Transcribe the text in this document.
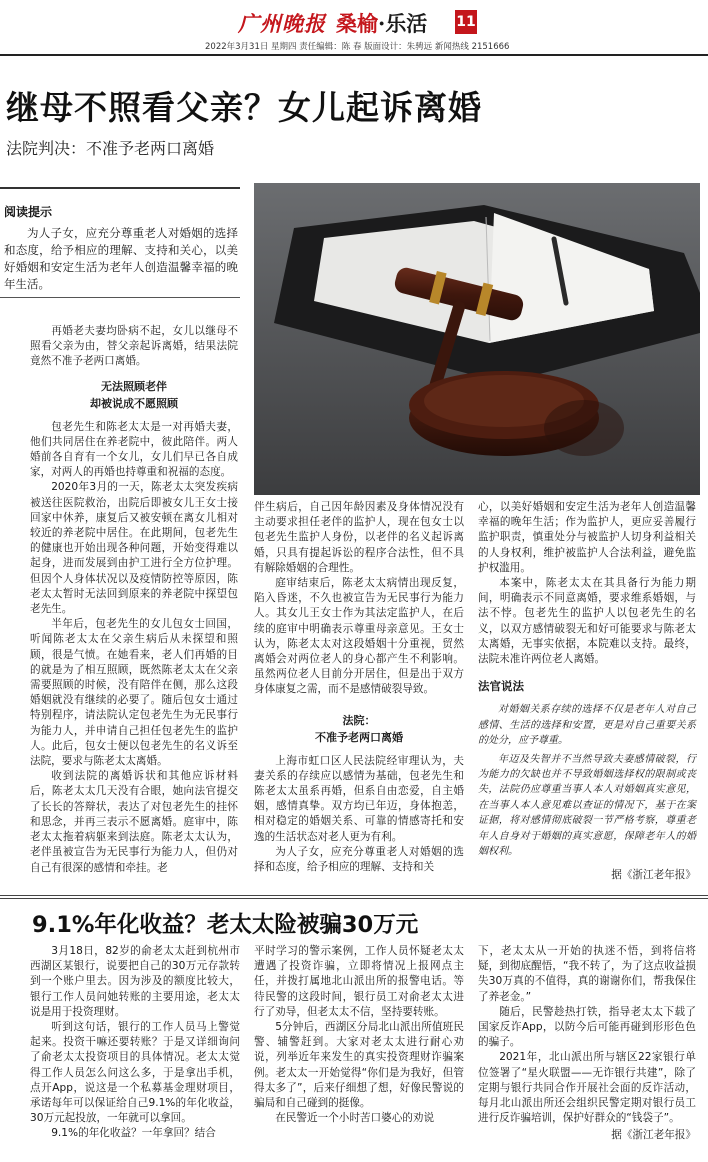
广州晚报 桑榆·乐活 11
2022年3月31日 星期四 责任编辑：陈 春 版面设计：朱骋远 新闻热线 2151666
继母不照看父亲？女儿起诉离婚
法院判决：不准予老两口离婚
阅读提示
为人子女，应充分尊重老人对婚姻的选择和态度，给予相应的理解、支持和关心，以美好婚姻和安定生活为老年人创造温馨幸福的晚年生活。

再婚老夫妻均卧病不起，女儿以继母不照看父亲为由，替父亲起诉离婚，结果法院竟然不准予老两口离婚。

无法照顾老伴
却被说成不愿照顾

包老先生和陈老太太是一对再婚夫妻，他们共同居住在养老院中，彼此陪伴。两人婚前各自育有一个女儿，女儿们早已各自成家，对两人的再婚也持尊重和祝福的态度。

2020年3月的一天，陈老太太突发疾病被送往医院救治，出院后即被女儿王女士接回家中休养，康复后又被安顿在离女儿相对较近的养老院中居住。在此期间，包老先生的健康也开始出现各种问题，开始变得难以起身，进而发展到由护工进行全方位护理。但因个人身体状况以及疫情防控等原因，陈老太太暂时无法回到原来的养老院中探望包老先生。

半年后，包老先生的女儿包女士回国，听闻陈老太太在父亲生病后从未探望和照顾，很是气愤。在她看来，老人们再婚的目的就是为了相互照顾，既然陈老太太在父亲需要照顾的时候，没有陪伴在侧，那么这段婚姻就没有继续的必要了。随后包女士通过特别程序，请法院认定包老先生为无民事行为能力人，并申请自己担任包老先生的监护人。此后，包女士便以包老先生的名义诉至法院，要求与陈老太太离婚。

收到法院的离婚诉状和其他应诉材料后，陈老太太几天没有合眼，她向法官提交了长长的答辩状，表达了对包老先生的挂怀和思念，并再三表示不愿离婚。庭审中，陈老太太拖着病躯来到法庭。陈老太太认为，老伴虽被宣告为无民事行为能力人，但仍对自己有很深的感情和牵挂。老

伴生病后，自己因年龄因素及身体情况没有主动要求担任老伴的监护人，现在包女士以包老先生监护人身份，以老伴的名义起诉离婚，只具有提起诉讼的程序合法性，但不具有解除婚姻的合理性。

庭审结束后，陈老太太病情出现反复，陷入昏迷，不久也被宣告为无民事行为能力人。其女儿王女士作为其法定监护人，在后续的庭审中明确表示尊重母亲意见。王女士认为，陈老太太对这段婚姻十分重视，贸然离婚会对两位老人的身心都产生不利影响。虽然两位老人目前分开居住，但是出于双方身体康复之需，而不是感情破裂导致。

法院：
不准予老两口离婚

上海市虹口区人民法院经审理认为，夫妻关系的存续应以感情为基础，包老先生和陈老太太虽系再婚，但系自由恋爱，自主婚姻，感情真挚。双方均已年迈，身体抱恙，相对稳定的婚姻关系、可靠的情感寄托和安逸的生活状态对老人更为有利。

为人子女，应充分尊重老人对婚姻的选择和态度，给予相应的理解、支持和关

心，以美好婚姻和安定生活为老年人创造温馨幸福的晚年生活；作为监护人，更应妥善履行监护职责，慎重处分与被监护人切身利益相关的人身权利，维护被监护人合法利益，避免监护权滥用。

本案中，陈老太太在其具备行为能力期间，明确表示不同意离婚，要求维系婚姻，与法不悖。包老先生的监护人以包老先生的名义，以双方感情破裂无和好可能要求与陈老太太离婚，无事实依据，本院难以支持。最终，法院未准许两位老人离婚。

法官说法

对婚姻关系存续的选择不仅是老年人对自己感情、生活的选择和安置，更是对自己重要关系的处分，应予尊重。

年迈及失智并不当然导致夫妻感情破裂，行为能力的欠缺也并不导致婚姻选择权的限制或丧失，法院仍应尊重当事人本人对婚姻真实意见，在当事人本人意见难以查证的情况下，基于在案证据，将对感情彻底破裂一节严格考察，尊重老年人自身对于婚姻的真实意愿，保障老年人的婚姻权利。

据《浙江老年报》

9.1%年化收益？老太太险被骗30万元

3月18日，82岁的俞老太太赶到杭州市西湖区某银行，说要把自己的30万元存款转到一个账户里去。因为涉及的额度比较大，银行工作人员问她转账的主要用途，老太太说是用于投资理财。

听到这句话，银行的工作人员马上警觉起来。投资干嘛还要转账？于是又详细询问了俞老太太投资项目的具体情况。老太太觉得工作人员怎么问这么多，于是拿出手机，点开App，说这是一个私募基金理财项目，承诺每年可以保证给自己9.1%的年化收益，30万元起投放，一年就可以拿回。

9.1%的年化收益？一年拿回？结合

平时学习的警示案例，工作人员怀疑老太太遭遇了投资诈骗，立即将情况上报网点主任，并拨打属地北山派出所的报警电话。等待民警的这段时间，银行员工对俞老太太进行了劝导，但老太太不信，坚持要转账。

5分钟后，西湖区分局北山派出所值班民警、辅警赶到。大家对老太太进行耐心劝说，列举近年来发生的真实投资理财诈骗案例。老太太一开始觉得“你们是为我好，但管得太多了”，后来仔细想了想，好像民警说的骗局和自己碰到的挺像。

在民警近一个小时苦口婆心的劝说

下，老太太从一开始的执迷不悟，到将信将疑，到彻底醒悟，“我不转了，为了这点收益损失30万真的不值得，真的谢谢你们，帮我保住了养老金。”

随后，民警趁热打铁，指导老太太下载了国家反诈App，以防今后可能再碰到形形色色的骗子。

2021年，北山派出所与辖区22家银行单位签署了“星火联盟——无诈银行共建”，除了定期与银行共同合作开展社会面的反诈活动，每月北山派出所还会组织民警定期对银行员工进行反诈骗培训，保护好群众的“钱袋子”。

据《浙江老年报》
